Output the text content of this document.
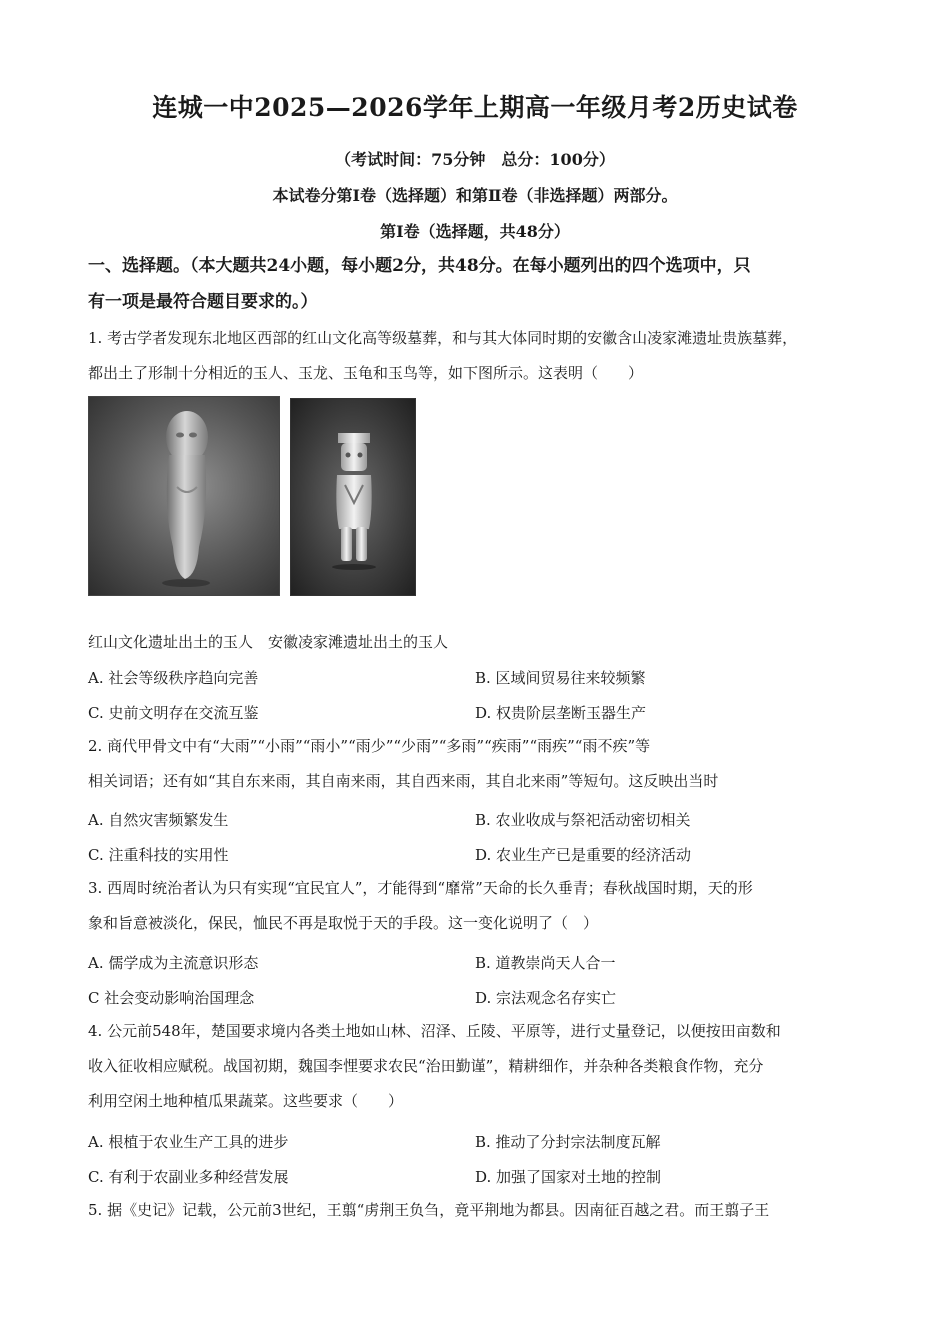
连城一中2025—2026学年上期高一年级月考2历史试卷
（考试时间：75分钟　总分：100分）
本试卷分第Ⅰ卷（选择题）和第Ⅱ卷（非选择题）两部分。
第Ⅰ卷（选择题，共48分）
一、选择题。（本大题共24小题，每小题2分，共48分。在每小题列出的四个选项中，只
有一项是最符合题目要求的。）
1. 考古学者发现东北地区西部的红山文化高等级墓葬，和与其大体同时期的安徽含山凌家滩遗址贵族墓葬，
都出土了形制十分相近的玉人、玉龙、玉龟和玉鸟等，如下图所示。这表明（　　）
红山文化遗址出土的玉人　安徽凌家滩遗址出土的玉人
A. 社会等级秩序趋向完善	B. 区域间贸易往来较频繁
C. 史前文明存在交流互鉴	D. 权贵阶层垄断玉器生产
2. 商代甲骨文中有“大雨”“小雨”“雨小”“雨少”“少雨”“多雨”“疾雨”“雨疾”“雨不疾”等
相关词语；还有如“其自东来雨，其自南来雨，其自西来雨，其自北来雨”等短句。这反映出当时
A. 自然灾害频繁发生	B. 农业收成与祭祀活动密切相关
C. 注重科技的实用性	D. 农业生产已是重要的经济活动
3. 西周时统治者认为只有实现“宜民宜人”，才能得到“靡常”天命的长久垂青；春秋战国时期，天的形
象和旨意被淡化，保民，恤民不再是取悦于天的手段。这一变化说明了（　）
A. 儒学成为主流意识形态	B. 道教崇尚天人合一
C 社会变动影响治国理念	D. 宗法观念名存实亡
4. 公元前548年，楚国要求境内各类土地如山林、沼泽、丘陵、平原等，进行丈量登记，以便按田亩数和
收入征收相应赋税。战国初期，魏国李悝要求农民“治田勤谨”，精耕细作，并杂种各类粮食作物，充分
利用空闲土地种植瓜果蔬菜。这些要求（　　）
A. 根植于农业生产工具的进步	B. 推动了分封宗法制度瓦解
C. 有利于农副业多种经营发展	D. 加强了国家对土地的控制
5. 据《史记》记载，公元前3世纪，王翦“虏荆王负刍，竟平荆地为都县。因南征百越之君。而王翦子王
